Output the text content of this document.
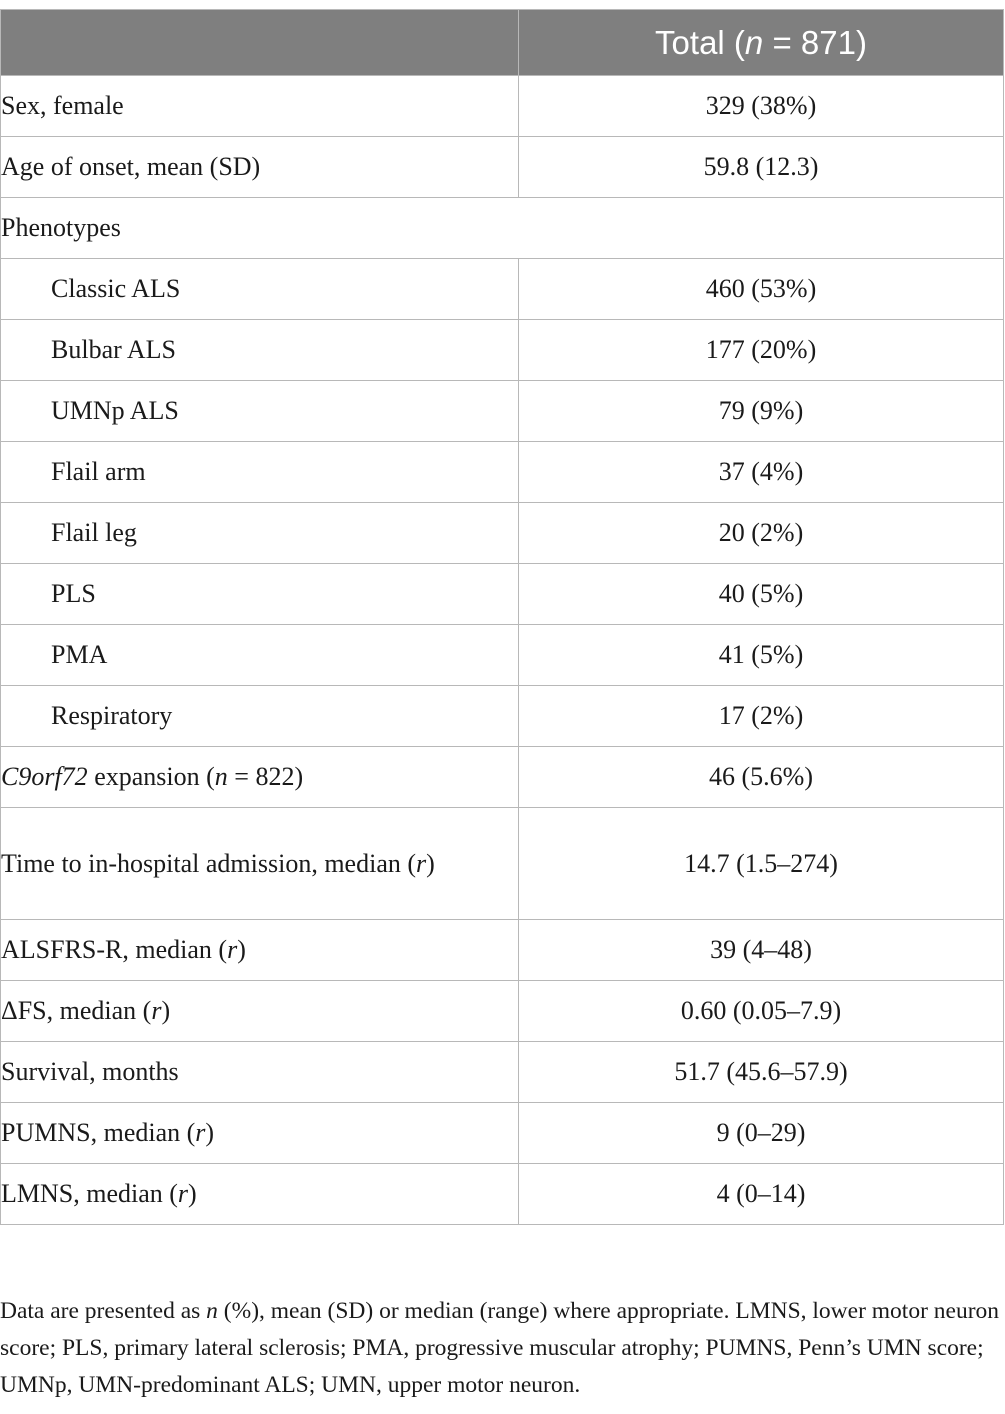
	Total (n = 871)
Sex, female	329 (38%)
Age of onset, mean (SD)	59.8 (12.3)
Phenotypes	
Classic ALS	460 (53%)
Bulbar ALS	177 (20%)
UMNp ALS	79 (9%)
Flail arm	37 (4%)
Flail leg	20 (2%)
PLS	40 (5%)
PMA	41 (5%)
Respiratory	17 (2%)
C9orf72 expansion (n = 822)	46 (5.6%)
Time to in-hospital admission, median (r)	14.7 (1.5–274)
ALSFRS-R, median (r)	39 (4–48)
ΔFS, median (r)	0.60 (0.05–7.9)
Survival, months	51.7 (45.6–57.9)
PUMNS, median (r)	9 (0–29)
LMNS, median (r)	4 (0–14)

Data are presented as n (%), mean (SD) or median (range) where appropriate. LMNS, lower motor neuron score; PLS, primary lateral sclerosis; PMA, progressive muscular atrophy; PUMNS, Penn’s UMN score; UMNp, UMN-predominant ALS; UMN, upper motor neuron.
